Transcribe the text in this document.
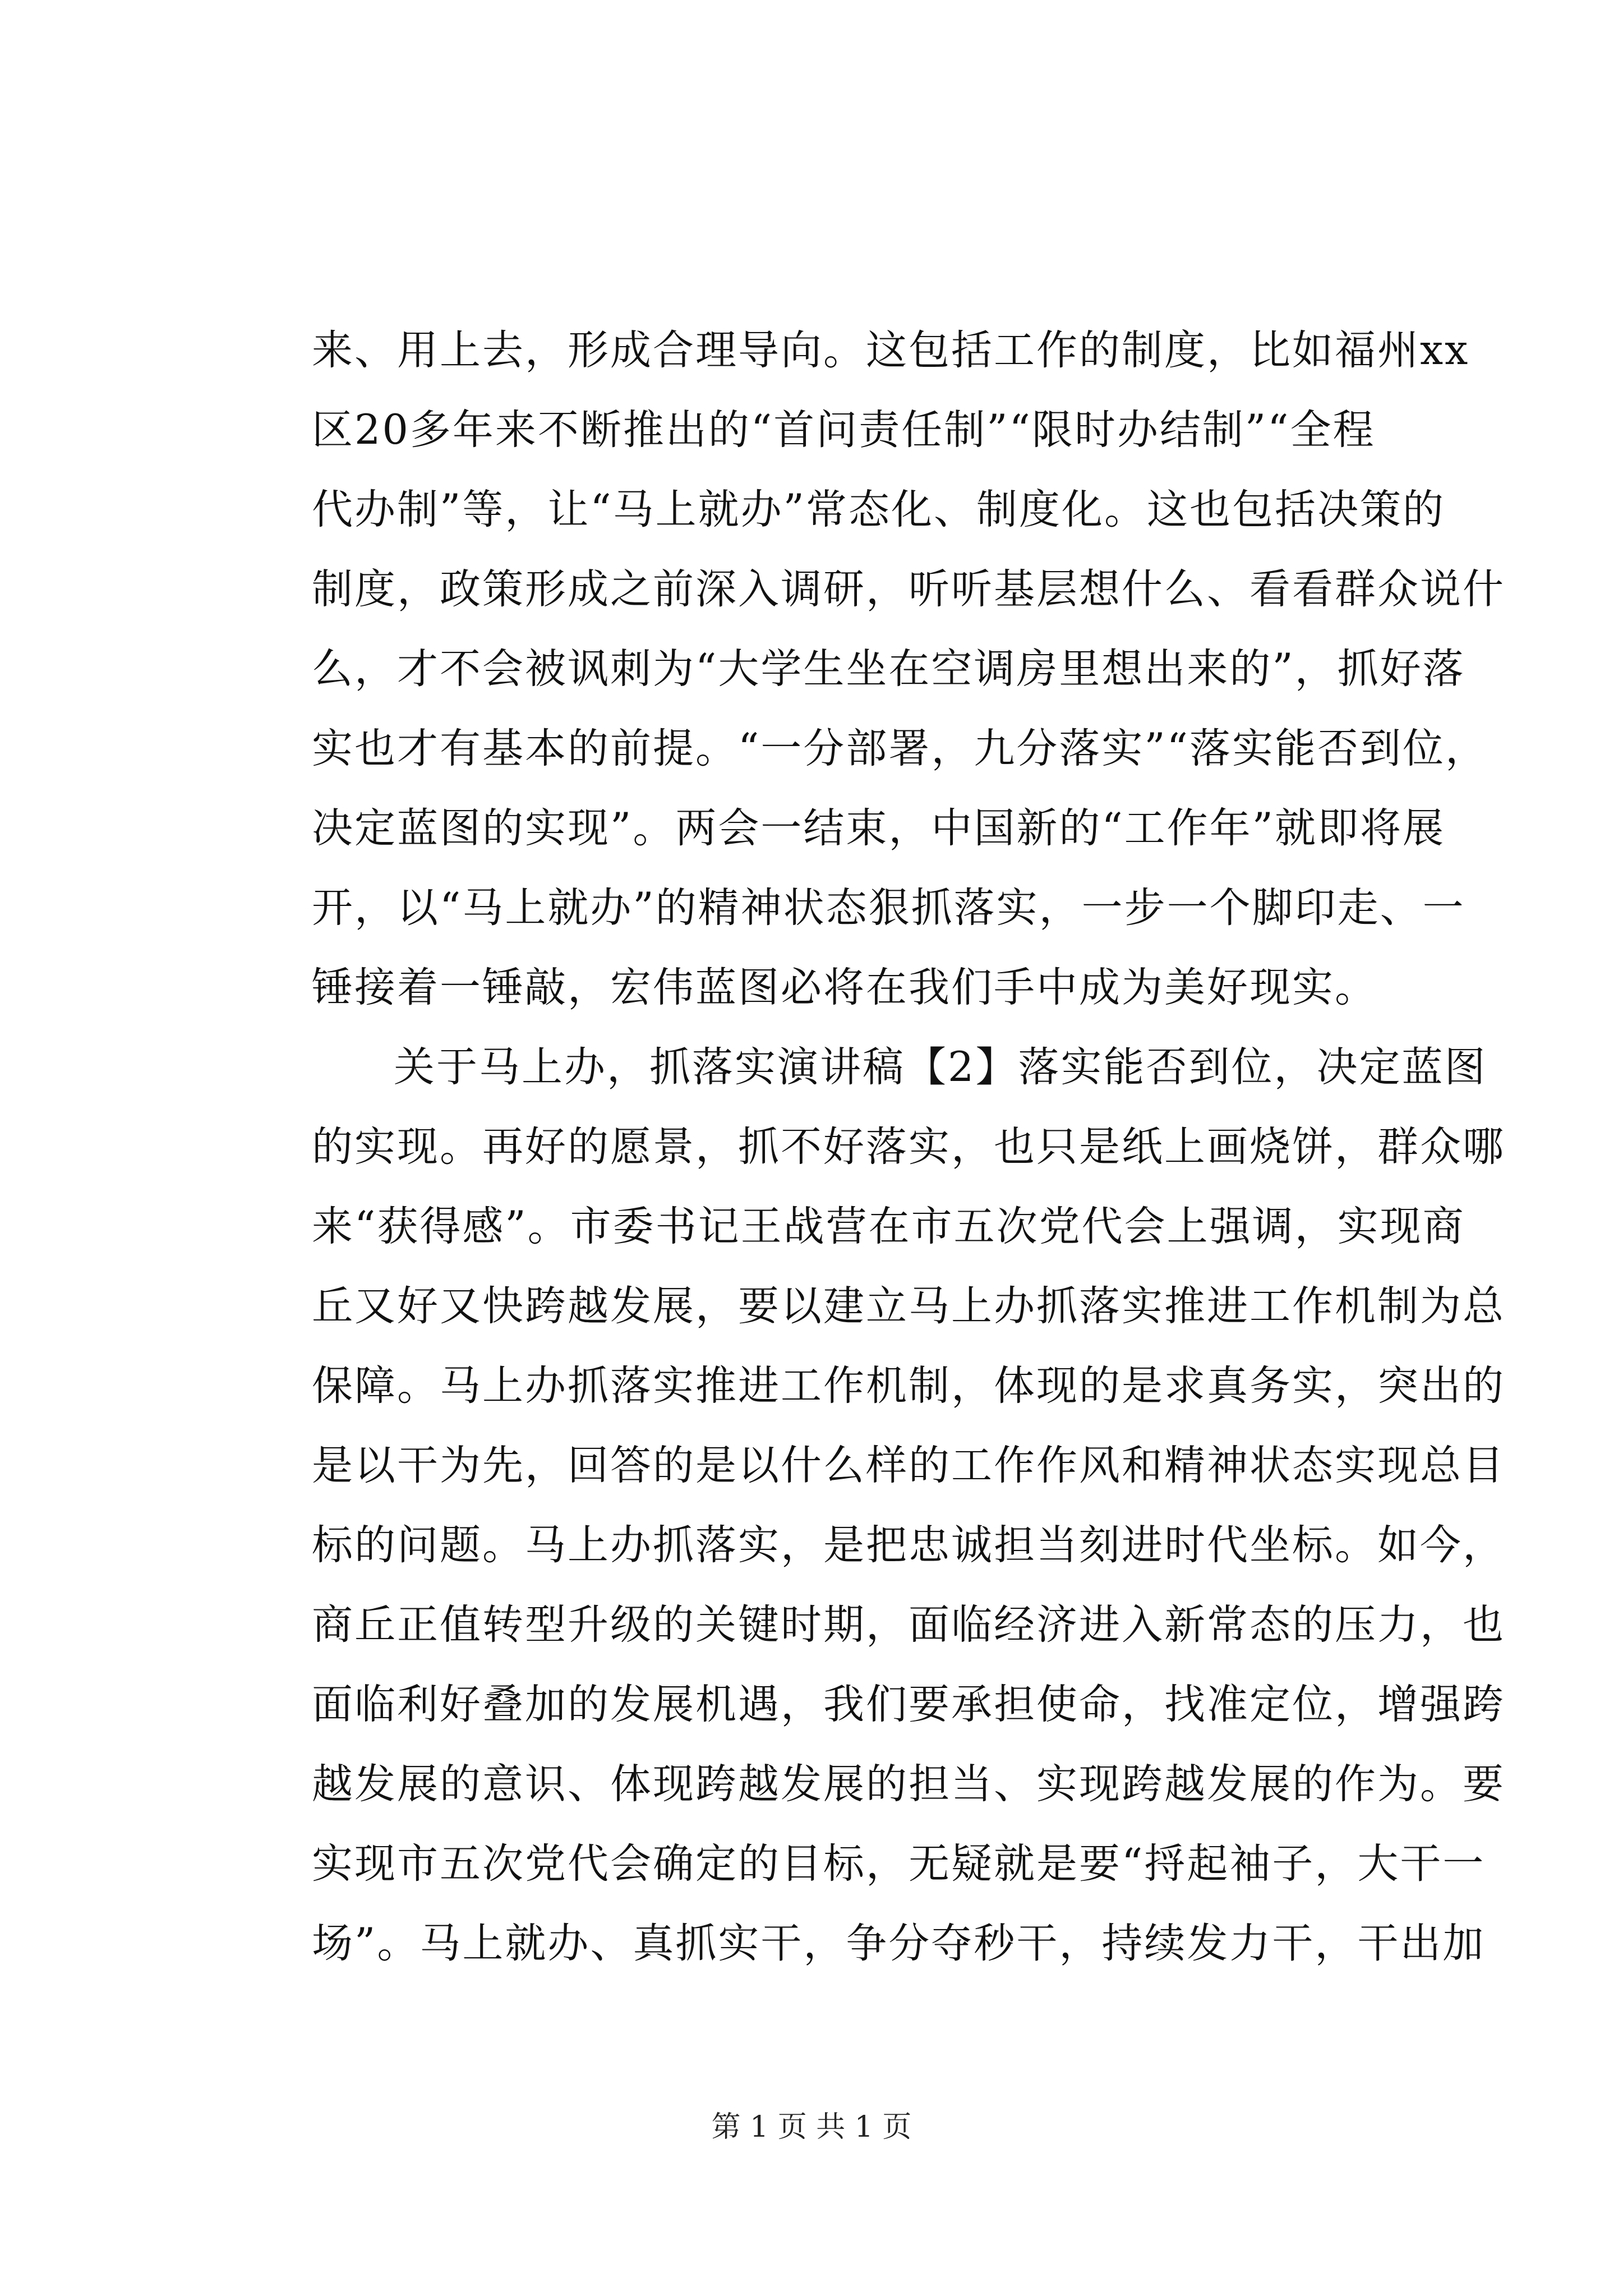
来、用上去，形成合理导向。这包括工作的制度，比如福州xx
区20多年来不断推出的“首问责任制”“限时办结制”“全程
代办制”等，让“马上就办”常态化、制度化。这也包括决策的
制度，政策形成之前深入调研，听听基层想什么、看看群众说什
么，才不会被讽刺为“大学生坐在空调房里想出来的”，抓好落
实也才有基本的前提。“一分部署，九分落实”“落实能否到位，
决定蓝图的实现”。两会一结束，中国新的“工作年”就即将展
开，以“马上就办”的精神状态狠抓落实，一步一个脚印走、一
锤接着一锤敲，宏伟蓝图必将在我们手中成为美好现实。
关于马上办，抓落实演讲稿【2】落实能否到位，决定蓝图
的实现。再好的愿景，抓不好落实，也只是纸上画烧饼，群众哪
来“获得感”。市委书记王战营在市五次党代会上强调，实现商
丘又好又快跨越发展，要以建立马上办抓落实推进工作机制为总
保障。马上办抓落实推进工作机制，体现的是求真务实，突出的
是以干为先，回答的是以什么样的工作作风和精神状态实现总目
标的问题。马上办抓落实，是把忠诚担当刻进时代坐标。如今，
商丘正值转型升级的关键时期，面临经济进入新常态的压力，也
面临利好叠加的发展机遇，我们要承担使命，找准定位，增强跨
越发展的意识、体现跨越发展的担当、实现跨越发展的作为。要
实现市五次党代会确定的目标，无疑就是要“捋起袖子，大干一
场”。马上就办、真抓实干，争分夺秒干，持续发力干，干出加
第 1 页 共 1 页
